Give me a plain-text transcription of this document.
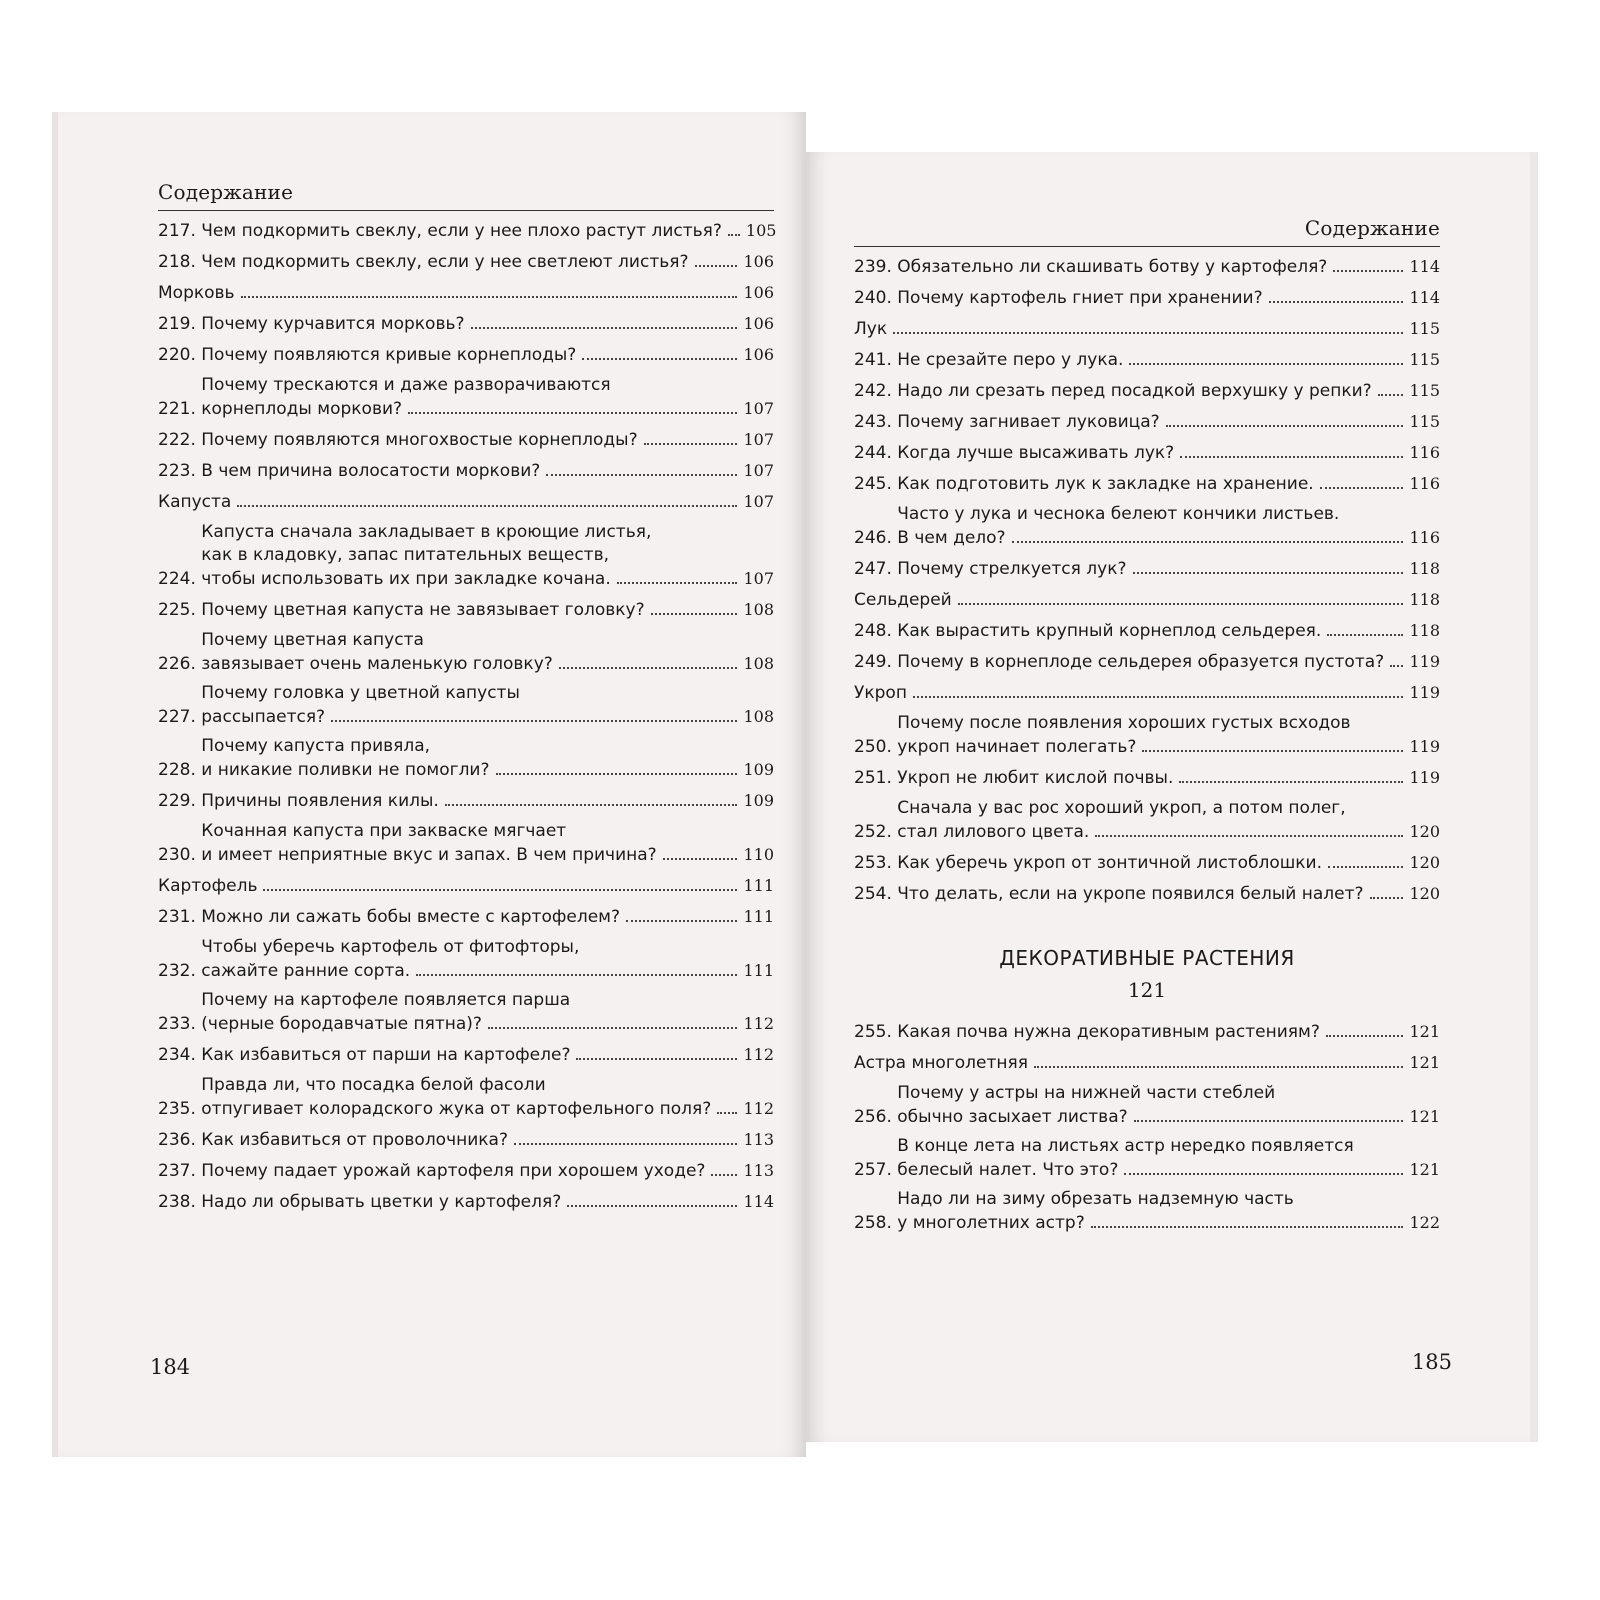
Содержание
217. Чем подкормить свеклу, если у нее плохо растут листья? 105
218. Чем подкормить свеклу, если у нее светлеют листья?	106
Морковь	106
219. Почему курчавится морковь?	106
220. Почему появляются кривые корнеплоды?	106
221.
Почему трескаются и даже разворачиваются
корнеплоды моркови?	107
222. Почему появляются многохвостые корнеплоды?	107
223. В чем причина волосатости моркови?	107
Капуста	107
224.
Капуста сначала закладывает в кроющие листья,
как в кладовку, запас питательных веществ,
чтобы использовать их при закладке кочана.	107
225. Почему цветная капуста не завязывает головку?	108
226.
Почему цветная капуста
завязывает очень маленькую головку?	108
227.
Почему головка у цветной капусты
рассыпается?	108
228.
Почему капуста привяла,
и никакие поливки не помогли?	109
229. Причины появления килы.	109
230.
Кочанная капуста при закваске мягчает
и имеет неприятные вкус и запах. В чем причина?	110
Картофель	111
231. Можно ли сажать бобы вместе с картофелем?	111
232.
Чтобы уберечь картофель от фитофторы,
сажайте ранние сорта.	111
233.
Почему на картофеле появляется парша
(черные бородавчатые пятна)?	112
234. Как избавиться от парши на картофеле?	112
235.
Правда ли, что посадка белой фасоли
отпугивает колорадского жука от картофельного поля? 112
236. Как избавиться от проволочника?	113
237. Почему падает урожай картофеля при хорошем уходе? 113
238. Надо ли обрывать цветки у картофеля?	114
184
Содержание
239. Обязательно ли скашивать ботву у картофеля?	114
240. Почему картофель гниет при хранении?	114
Лук	115
241. Не срезайте перо у лука.	115
242. Надо ли срезать перед посадкой верхушку у репки? 115
243. Почему загнивает луковица?	115
244. Когда лучше высаживать лук?	116
245. Как подготовить лук к закладке на хранение.	116
246.
Часто у лука и чеснока белеют кончики листьев.
В чем дело?	116
247. Почему стрелкуется лук?	118
Сельдерей	118
248. Как вырастить крупный корнеплод сельдерея.	118
249. Почему в корнеплоде сельдерея образуется пустота? 119
Укроп	119
250.
Почему после появления хороших густых всходов
укроп начинает полегать?	119
251. Укроп не любит кислой почвы.	119
252.
Сначала у вас рос хороший укроп, а потом полег,
стал лилового цвета.	120
253. Как уберечь укроп от зонтичной листоблошки.	120
254. Что делать, если на укропе появился белый налет?	120
ДЕКОРАТИВНЫЕ РАСТЕНИЯ
121
255. Какая почва нужна декоративным растениям?	121
Астра многолетняя	121
256.
Почему у астры на нижней части стеблей
обычно засыхает листва?	121
257.
В конце лета на листьях астр нередко появляется
белесый налет. Что это?	121
258.
Надо ли на зиму обрезать надземную часть
у многолетних астр?	122
185
